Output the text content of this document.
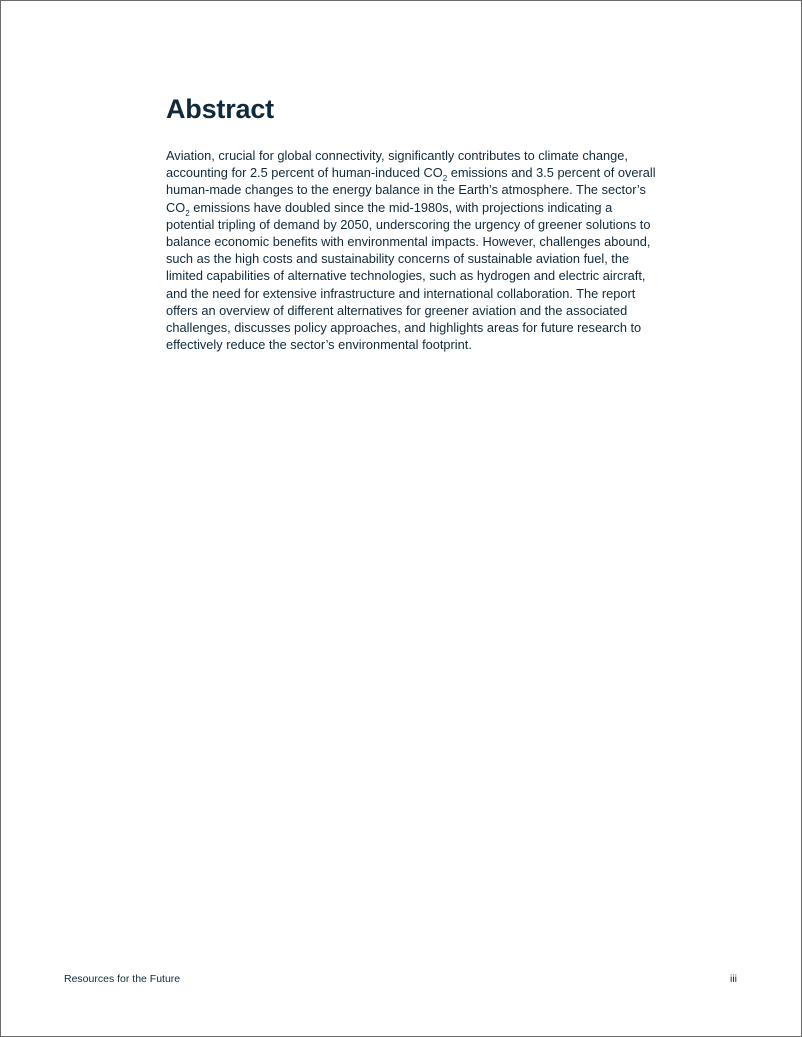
Abstract

Aviation, crucial for global connectivity, significantly contributes to climate change,
accounting for 2.5 percent of human-induced $CO_2$ emissions and 3.5 percent of overall
human-made changes to the energy balance in the Earth’s atmosphere. The sector’s
$CO_2$ emissions have doubled since the mid-1980s, with projections indicating a
potential tripling of demand by 2050, underscoring the urgency of greener solutions to
balance economic benefits with environmental impacts. However, challenges abound,
such as the high costs and sustainability concerns of sustainable aviation fuel, the
limited capabilities of alternative technologies, such as hydrogen and electric aircraft,
and the need for extensive infrastructure and international collaboration. The report
offers an overview of different alternatives for greener aviation and the associated
challenges, discusses policy approaches, and highlights areas for future research to
effectively reduce the sector’s environmental footprint.

Resources for the Future	iii
